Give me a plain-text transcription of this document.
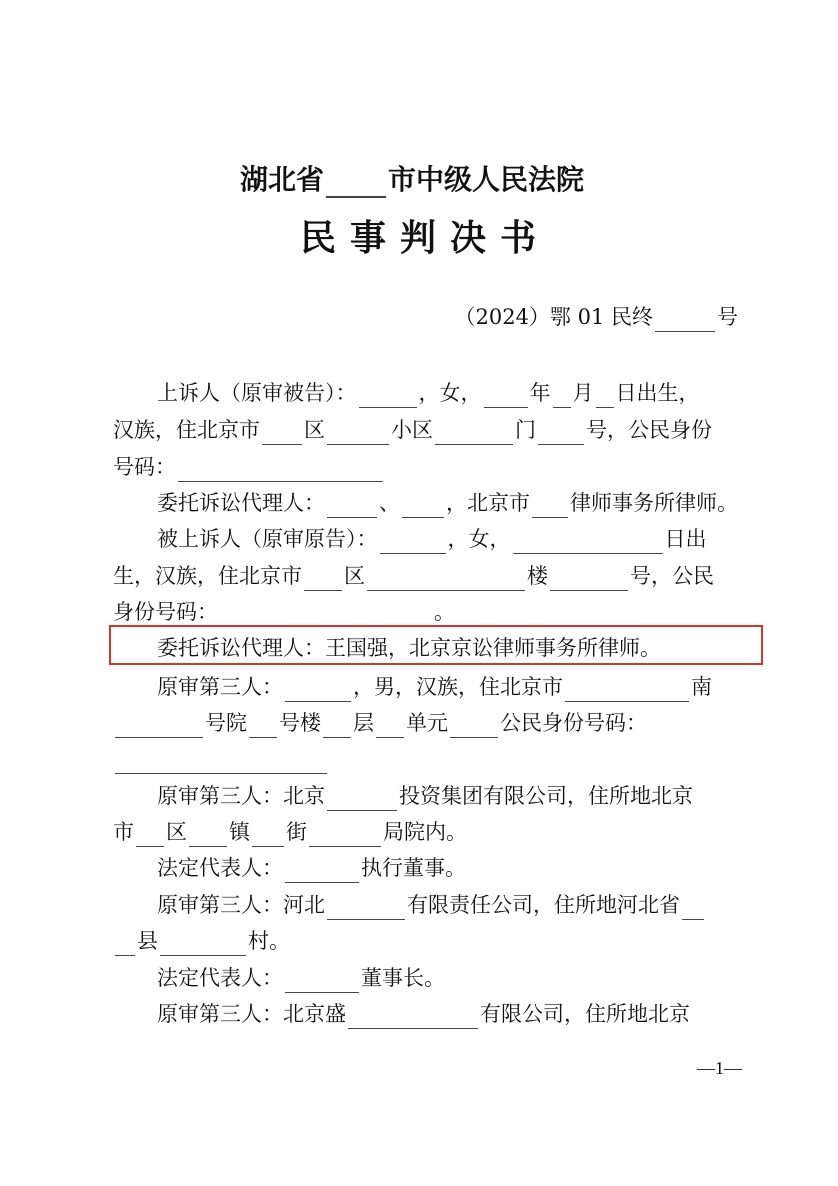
湖北省 市中级人民法院
民事判决书
（2024）鄂 01 民终	号
上诉人（原审被告）：	，女， 年 月 日出生，
汉族，住北京市 区	小区	门 号，公民身份
号码：
委托诉讼代理人：	、 ，北京市 律师事务所律师。
被上诉人（原审原告）：	，女，	日出
生，汉族，住北京市 区	楼	号，公民
身份号码：	。
委托诉讼代理人：王国强，北京京讼律师事务所律师。
原审第三人：	，男，汉族，住北京市	南
号院 号楼 层 单元 公民身份号码：
原审第三人：北京	投资集团有限公司，住所地北京
市 区 镇 街	局院内。
法定代表人：	执行董事。
原审第三人：河北	有限责任公司，住所地河北省
县	村。
法定代表人：	董事长。
原审第三人：北京盛	有限公司，住所地北京
—1—
